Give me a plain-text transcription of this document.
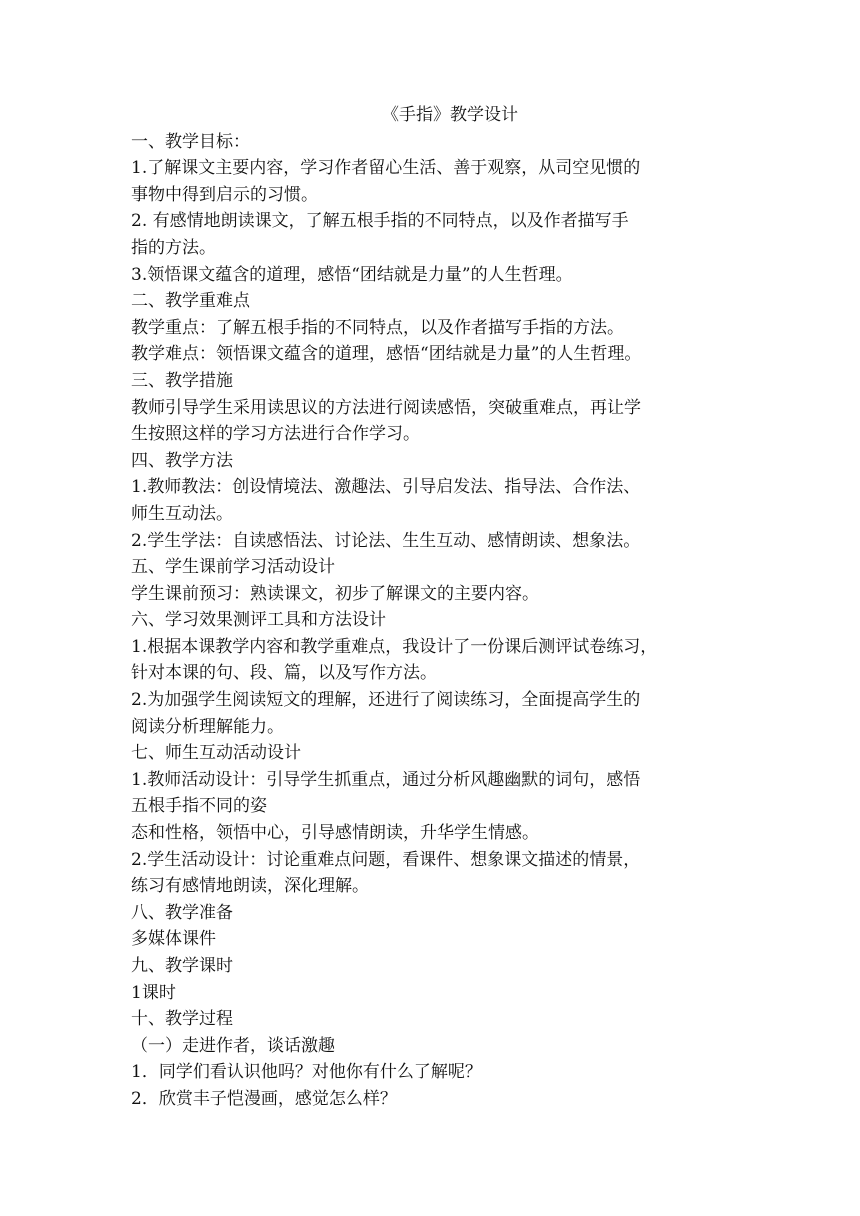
《手指》教学设计
一、教学目标：
1.了解课文主要内容，学习作者留心生活、善于观察，从司空见惯的
事物中得到启示的习惯。
2. 有感情地朗读课文，了解五根手指的不同特点，以及作者描写手
指的方法。
3.领悟课文蕴含的道理，感悟“团结就是力量”的人生哲理。
二、教学重难点
教学重点：了解五根手指的不同特点，以及作者描写手指的方法。
教学难点：领悟课文蕴含的道理，感悟“团结就是力量”的人生哲理。
三、教学措施
教师引导学生采用读思议的方法进行阅读感悟，突破重难点，再让学
生按照这样的学习方法进行合作学习。
四、教学方法
1.教师教法：创设情境法、激趣法、引导启发法、指导法、合作法、
师生互动法。
2.学生学法：自读感悟法、讨论法、生生互动、感情朗读、想象法。
五、学生课前学习活动设计
学生课前预习：熟读课文，初步了解课文的主要内容。
六、学习效果测评工具和方法设计
1.根据本课教学内容和教学重难点，我设计了一份课后测评试卷练习，
针对本课的句、段、篇，以及写作方法。
2.为加强学生阅读短文的理解，还进行了阅读练习，全面提高学生的
阅读分析理解能力。
七、师生互动活动设计
1.教师活动设计：引导学生抓重点，通过分析风趣幽默的词句，感悟
五根手指不同的姿
态和性格，领悟中心，引导感情朗读，升华学生情感。
2.学生活动设计：讨论重难点问题，看课件、想象课文描述的情景，
练习有感情地朗读，深化理解。
八、教学准备
多媒体课件
九、教学课时
1课时
十、教学过程
（一）走进作者，谈话激趣
1．同学们看认识他吗？对他你有什么了解呢？
2．欣赏丰子恺漫画，感觉怎么样？
